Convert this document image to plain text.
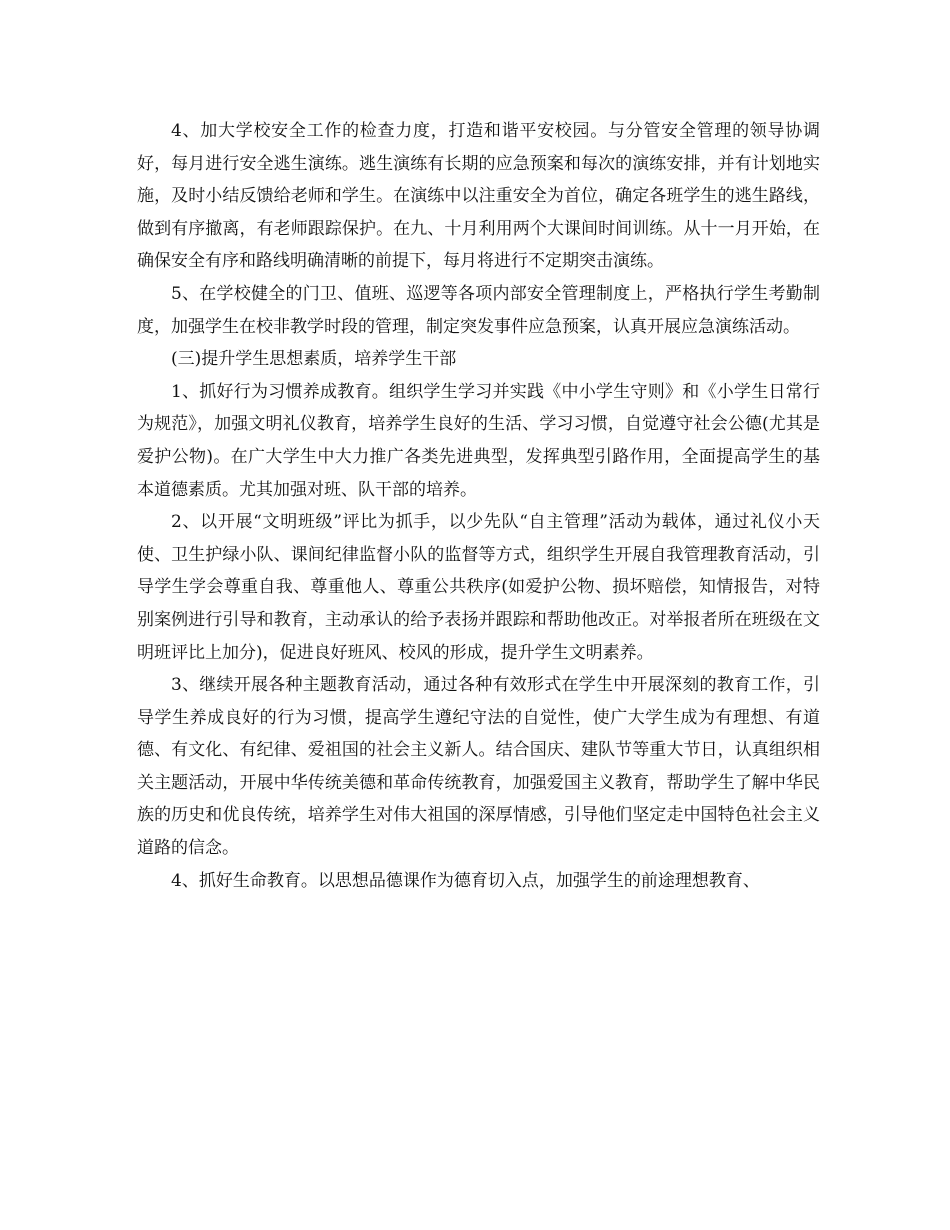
4、加大学校安全工作的检查力度，打造和谐平安校园。与分管安全管理的领导协调好，每月进行安全逃生演练。逃生演练有长期的应急预案和每次的演练安排，并有计划地实施，及时小结反馈给老师和学生。在演练中以注重安全为首位，确定各班学生的逃生路线，做到有序撤离，有老师跟踪保护。在九、十月利用两个大课间时间训练。从十一月开始，在确保安全有序和路线明确清晰的前提下，每月将进行不定期突击演练。

5、在学校健全的门卫、值班、巡逻等各项内部安全管理制度上，严格执行学生考勤制度，加强学生在校非教学时段的管理，制定突发事件应急预案，认真开展应急演练活动。

(三)提升学生思想素质，培养学生干部

1、抓好行为习惯养成教育。组织学生学习并实践《中小学生守则》和《小学生日常行为规范》，加强文明礼仪教育，培养学生良好的生活、学习习惯，自觉遵守社会公德(尤其是爱护公物)。在广大学生中大力推广各类先进典型，发挥典型引路作用，全面提高学生的基本道德素质。尤其加强对班、队干部的培养。

2、以开展“文明班级”评比为抓手，以少先队“自主管理”活动为载体，通过礼仪小天使、卫生护绿小队、课间纪律监督小队的监督等方式，组织学生开展自我管理教育活动，引导学生学会尊重自我、尊重他人、尊重公共秩序(如爱护公物、损坏赔偿，知情报告，对特别案例进行引导和教育，主动承认的给予表扬并跟踪和帮助他改正。对举报者所在班级在文明班评比上加分)，促进良好班风、校风的形成，提升学生文明素养。

3、继续开展各种主题教育活动，通过各种有效形式在学生中开展深刻的教育工作，引导学生养成良好的行为习惯，提高学生遵纪守法的自觉性，使广大学生成为有理想、有道德、有文化、有纪律、爱祖国的社会主义新人。结合国庆、建队节等重大节日，认真组织相关主题活动，开展中华传统美德和革命传统教育，加强爱国主义教育，帮助学生了解中华民族的历史和优良传统，培养学生对伟大祖国的深厚情感，引导他们坚定走中国特色社会主义道路的信念。

4、抓好生命教育。以思想品德课作为德育切入点，加强学生的前途理想教育、
